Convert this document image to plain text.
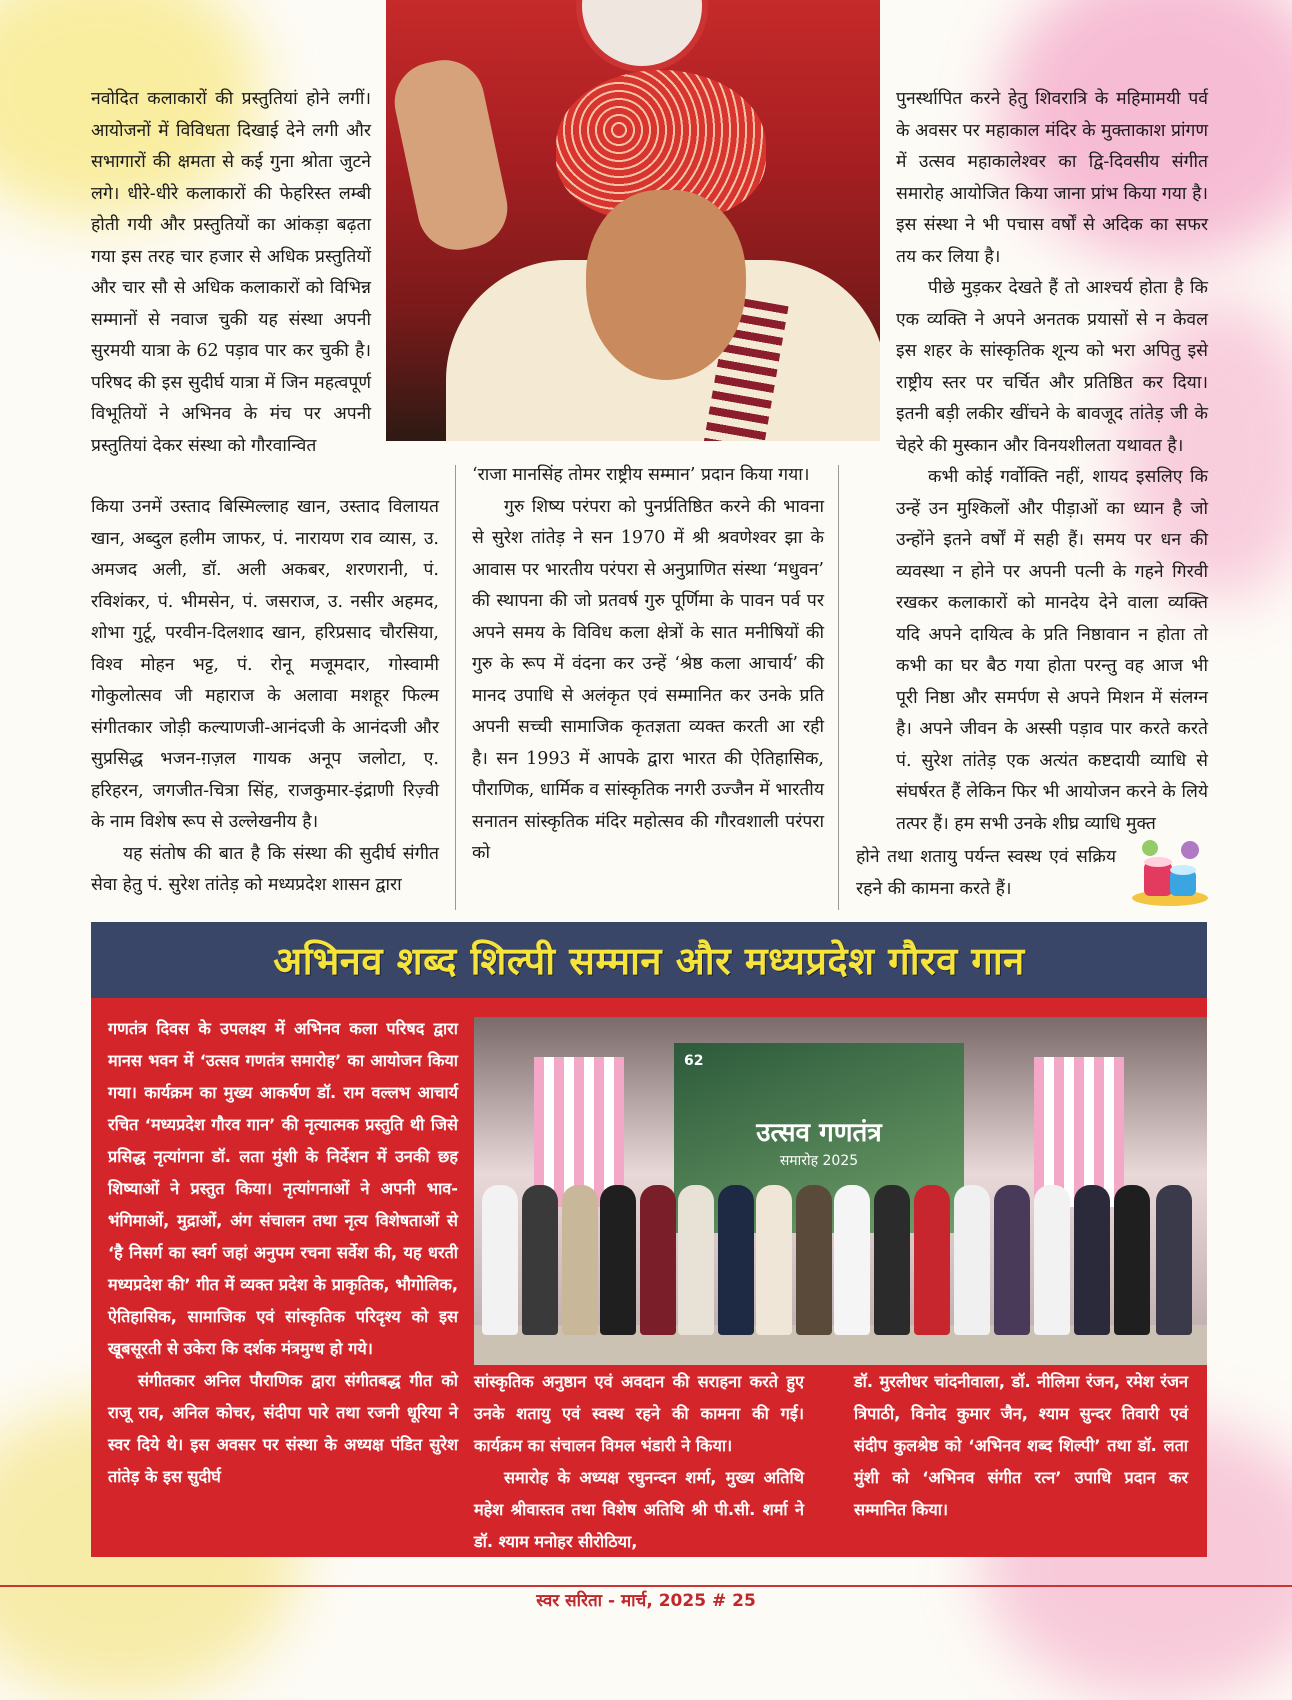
नवोदित कलाकारों की प्रस्तुतियां होने लगीं। आयोजनों में विविधता दिखाई देने लगी और सभागारों की क्षमता से कई गुना श्रोता जुटने लगे। धीरे-धीरे कलाकारों की फेहरिस्त लम्बी होती गयी और प्रस्तुतियों का आंकड़ा बढ़ता गया इस तरह चार हजार से अधिक प्रस्तुतियों और चार सौ से अधिक कलाकारों को विभिन्न सम्मानों से नवाज चुकी यह संस्था अपनी सुरमयी यात्रा के 62 पड़ाव पार कर चुकी है। परिषद की इस सुदीर्घ यात्रा में जिन महत्वपूर्ण विभूतियों ने अभिनव के मंच पर अपनी प्रस्तुतियां देकर संस्था को गौरवान्वित

किया उनमें उस्ताद बिस्मिल्लाह खान, उस्ताद विलायत खान, अब्दुल हलीम जाफर, पं. नारायण राव व्यास, उ. अमजद अली, डॉ. अली अकबर, शरणरानी, पं. रविशंकर, पं. भीमसेन, पं. जसराज, उ. नसीर अहमद, शोभा गुर्टू, परवीन-दिलशाद खान, हरिप्रसाद चौरसिया, विश्व मोहन भट्ट, पं. रोनू मजूमदार, गोस्वामी गोकुलोत्सव जी महाराज के अलावा मशहूर फिल्म संगीतकार जोड़ी कल्याणजी-आनंदजी के आनंदजी और सुप्रसिद्ध भजन-ग़ज़ल गायक अनूप जलोटा, ए. हरिहरन, जगजीत-चित्रा सिंह, राजकुमार-इंद्राणी रिज़्वी के नाम विशेष रूप से उल्लेखनीय है।

यह संतोष की बात है कि संस्था की सुदीर्घ संगीत सेवा हेतु पं. सुरेश तांतेड़ को मध्यप्रदेश शासन द्वारा

‘राजा मानसिंह तोमर राष्ट्रीय सम्मान’ प्रदान किया गया।

गुरु शिष्य परंपरा को पुनर्प्रतिष्ठित करने की भावना से सुरेश तांतेड़ ने सन 1970 में श्री श्रवणेश्वर झा के आवास पर भारतीय परंपरा से अनुप्राणित संस्था ‘मधुवन’ की स्थापना की जो प्रतवर्ष गुरु पूर्णिमा के पावन पर्व पर अपने समय के विविध कला क्षेत्रों के सात मनीषियों की गुरु के रूप में वंदना कर उन्हें ‘श्रेष्ठ कला आचार्य’ की मानद उपाधि से अलंकृत एवं सम्मानित कर उनके प्रति अपनी सच्ची सामाजिक कृतज्ञता व्यक्त करती आ रही है। सन 1993 में आपके द्वारा भारत की ऐतिहासिक, पौराणिक, धार्मिक व सांस्कृतिक नगरी उज्जैन में भारतीय सनातन सांस्कृतिक मंदिर महोत्सव की गौरवशाली परंपरा को

पुनर्स्थापित करने हेतु शिवरात्रि के महिमामयी पर्व के अवसर पर महाकाल मंदिर के मुक्ताकाश प्रांगण में उत्सव महाकालेश्वर का द्वि-दिवसीय संगीत समारोह आयोजित किया जाना प्रांभ किया गया है। इस संस्था ने भी पचास वर्षों से अदिक का सफर तय कर लिया है।

पीछे मुड़कर देखते हैं तो आश्चर्य होता है कि एक व्यक्ति ने अपने अनतक प्रयासों से न केवल इस शहर के सांस्कृतिक शून्य को भरा अपितु इसे राष्ट्रीय स्तर पर चर्चित और प्रतिष्ठित कर दिया। इतनी बड़ी लकीर खींचने के बावजूद तांतेड़ जी के चेहरे की मुस्कान और विनयशीलता यथावत है।

कभी कोई गर्वोक्ति नहीं, शायद इसलिए कि उन्हें उन मुश्किलों और पीड़ाओं का ध्यान है जो उन्होंने इतने वर्षों में सही हैं। समय पर धन की व्यवस्था न होने पर अपनी पत्नी के गहने गिरवी रखकर कलाकारों को मानदेय देने वाला व्यक्ति यदि अपने दायित्व के प्रति निष्ठावान न होता तो कभी का घर बैठ गया होता परन्तु वह आज भी पूरी निष्ठा और समर्पण से अपने मिशन में संलग्न है। अपने जीवन के अस्सी पड़ाव पार करते करते पं. सुरेश तांतेड़ एक अत्यंत कष्टदायी व्याधि से संघर्षरत हैं लेकिन फिर भी आयोजन करने के लिये तत्पर हैं। हम सभी उनके शीघ्र व्याधि मुक्त

होने तथा शतायु पर्यन्त स्वस्थ एवं सक्रिय रहने की कामना करते हैं।

अभिनव शब्द शिल्पी सम्मान और मध्यप्रदेश गौरव गान

गणतंत्र दिवस के उपलक्ष्य में अभिनव कला परिषद द्वारा मानस भवन में ‘उत्सव गणतंत्र समारोह’ का आयोजन किया गया। कार्यक्रम का मुख्य आकर्षण डॉ. राम वल्लभ आचार्य रचित ‘मध्यप्रदेश गौरव गान’ की नृत्यात्मक प्रस्तुति थी जिसे प्रसिद्ध नृत्यांगना डॉ. लता मुंशी के निर्देशन में उनकी छह शिष्याओं ने प्रस्तुत किया। नृत्यांगनाओं ने अपनी भाव-भंगिमाओं, मुद्राओं, अंग संचालन तथा नृत्य विशेषताओं से ‘है निसर्ग का स्वर्ग जहां अनुपम रचना सर्वेश की, यह धरती मध्यप्रदेश की’ गीत में व्यक्त प्रदेश के प्राकृतिक, भौगोलिक, ऐतिहासिक, सामाजिक एवं सांस्कृतिक परिदृश्य को इस खूबसूरती से उकेरा कि दर्शक मंत्रमुग्ध हो गये।

संगीतकार अनिल पौराणिक द्वारा संगीतबद्ध गीत को राजू राव, अनिल कोचर, संदीपा पारे तथा रजनी धूरिया ने स्वर दिये थे। इस अवसर पर संस्था के अध्यक्ष पंडित सुरेश तांतेड़ के इस सुदीर्घ

62
उत्सव गणतंत्र
समारोह 2025

सांस्कृतिक अनुष्ठान एवं अवदान की सराहना करते हुए उनके शतायु एवं स्वस्थ रहने की कामना की गई। कार्यक्रम का संचालन विमल भंडारी ने किया।

समारोह के अध्यक्ष रघुनन्दन शर्मा, मुख्य अतिथि महेश श्रीवास्तव तथा विशेष अतिथि श्री पी.सी. शर्मा ने डॉ. श्याम मनोहर सीरोठिया,

डॉ. मुरलीधर चांदनीवाला, डॉ. नीलिमा रंजन, रमेश रंजन त्रिपाठी, विनोद कुमार जैन, श्याम सुन्दर तिवारी एवं संदीप कुलश्रेष्ठ को ‘अभिनव शब्द शिल्पी’ तथा डॉ. लता मुंशी को ‘अभिनव संगीत रत्न’ उपाधि प्रदान कर सम्मानित किया।

स्वर सरिता - मार्च, 2025 # 25
